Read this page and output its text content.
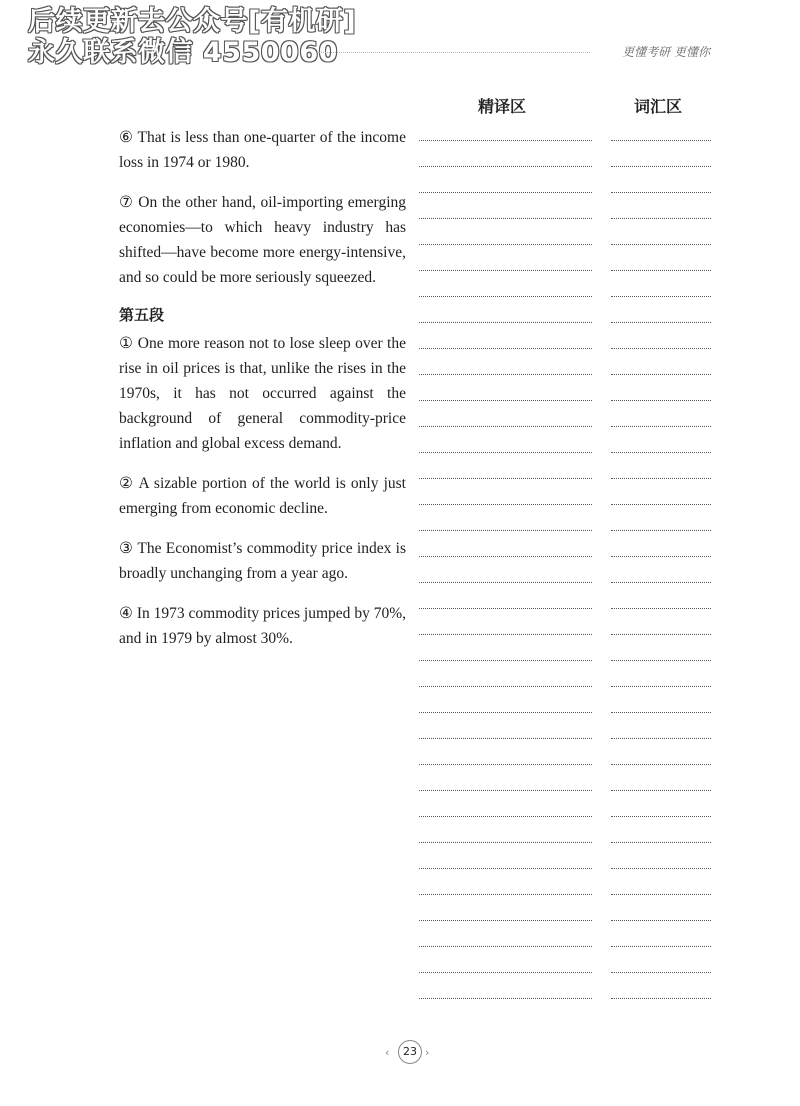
后续更新去公众号[有机研]
永久联系微信 4550060	更懂考研 更懂你
精译区	词汇区

⑥ That is less than one-quarter of the income loss in 1974 or 1980.

⑦ On the other hand, oil-importing emerging economies—to which heavy industry has shifted—have become more energy-intensive, and so could be more seriously squeezed.

第五段

① One more reason not to lose sleep over the rise in oil prices is that, unlike the rises in the 1970s, it has not occurred against the background of general commodity-price inflation and global excess demand.

② A sizable portion of the world is only just emerging from economic decline.

③ The Economist’s commodity price index is broadly unchanging from a year ago.

④ In 1973 commodity prices jumped by 70%, and in 1979 by almost 30%.

‹	23 ›
